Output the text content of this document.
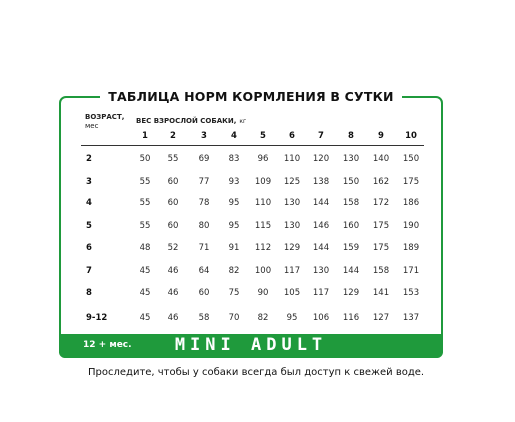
ТАБЛИЦА НОРМ КОРМЛЕНИЯ В СУТКИ
ВОЗРАСТ,
мес
ВЕС ВЗРОСЛОЙ СОБАКИ, кг
1	2	3	4	5	6	7	8	9 10
2	50 55 69 83 96 110 120 130 140 150
3	55 60 77 93 109 125 138 150 162 175
4	55 60 78 95 110 130 144 158 172 186
5	55 60 80 95 115 130 146 160 175 190
6	48 52 71 91 112 129 144 159 175 189
7	45 46 64 82 100 117 130 144 158 171
8	45 46 60 75 90 105 117 129 141 153
9-12	45 46 58 70 82 95 106 116 127 137
12 + мес.	MINI ADULT
Проследите, чтобы у собаки всегда был доступ к свежей воде.
